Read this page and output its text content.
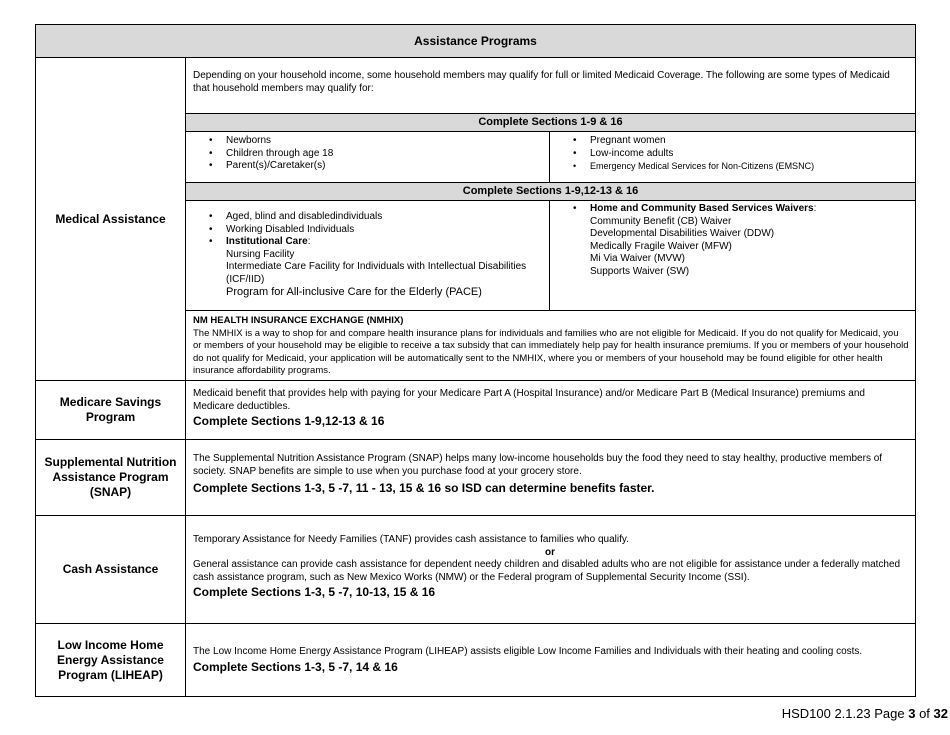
Assistance Programs
Medical Assistance
Depending on your household income, some household members may qualify for full or limited Medicaid Coverage. The following are some types of Medicaid that household members may qualify for:
Complete Sections 1-9 & 16
• Newborns
• Children through age 18
• Parent(s)/Caretaker(s)
• Pregnant women
• Low-income adults
• Emergency Medical Services for Non-Citizens (EMSNC)
Complete Sections 1-9,12-13 & 16
• Aged, blind and disabledindividuals
• Working Disabled Individuals
• Institutional Care:
Nursing Facility
Intermediate Care Facility for Individuals with Intellectual Disabilities (ICF/IID)
Program for All-inclusive Care for the Elderly (PACE)
• Home and Community Based Services Waivers:
Community Benefit (CB) Waiver
Developmental Disabilities Waiver (DDW)
Medically Fragile Waiver (MFW)
Mi Via Waiver (MVW)
Supports Waiver (SW)
NM HEALTH INSURANCE EXCHANGE (NMHIX)
The NMHIX is a way to shop for and compare health insurance plans for individuals and families who are not eligible for Medicaid. If you do not qualify for Medicaid, you or members of your household may be eligible to receive a tax subsidy that can immediately help pay for health insurance premiums. If you or members of your household do not qualify for Medicaid, your application will be automatically sent to the NMHIX, where you or members of your household may be found eligible for other health insurance affordability programs.
Medicare Savings Program
Medicaid benefit that provides help with paying for your Medicare Part A (Hospital Insurance) and/or Medicare Part B (Medical Insurance) premiums and Medicare deductibles.
Complete Sections 1-9,12-13 & 16
Supplemental Nutrition Assistance Program (SNAP)
The Supplemental Nutrition Assistance Program (SNAP) helps many low-income households buy the food they need to stay healthy, productive members of society. SNAP benefits are simple to use when you purchase food at your grocery store.
Complete Sections 1-3, 5 -7, 11 - 13, 15 & 16 so ISD can determine benefits faster.
Cash Assistance
Temporary Assistance for Needy Families (TANF) provides cash assistance to families who qualify.
or
General assistance can provide cash assistance for dependent needy children and disabled adults who are not eligible for assistance under a federally matched cash assistance program, such as New Mexico Works (NMW) or the Federal program of Supplemental Security Income (SSI).
Complete Sections 1-3, 5 -7, 10-13, 15 & 16
Low Income Home Energy Assistance Program (LIHEAP)
The Low Income Home Energy Assistance Program (LIHEAP) assists eligible Low Income Families and Individuals with their heating and cooling costs.
Complete Sections 1-3, 5 -7, 14 & 16
HSD100 2.1.23 Page 3 of 32
